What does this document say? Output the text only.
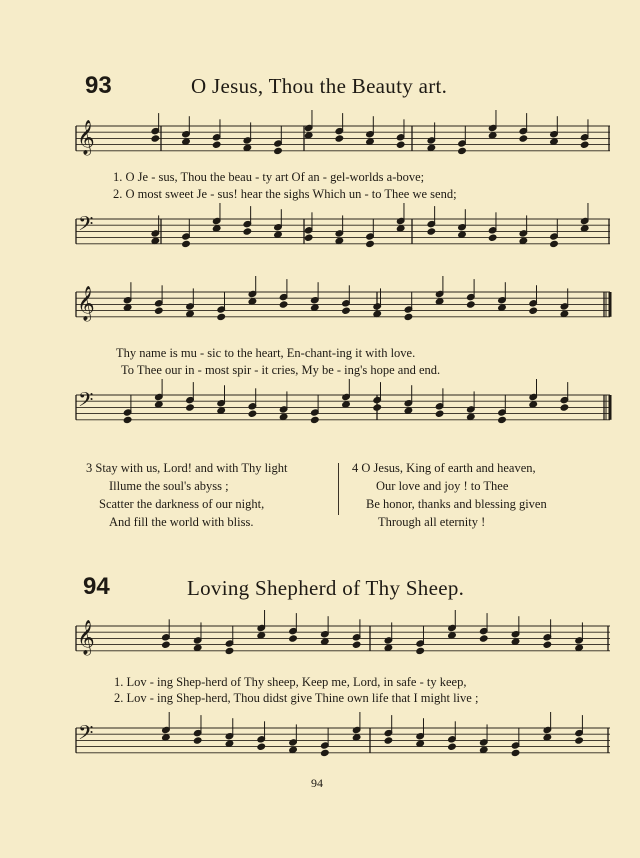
93	O Jesus, Thou the Beauty art.
𝄞
𝄢
𝄞
𝄢
𝄞
𝄢
1. O Je - sus, Thou the beau - ty art Of an - gel-worlds a-bove;
2. O most sweet Je - sus! hear the sighs Which un - to Thee we send;
Thy name is mu - sic to the heart, En-chant-ing it with love.
To Thee our in - most spir - it cries, My be - ing's hope and end.
3 Stay with us, Lord! and with Thy light
Illume the soul's abyss ;
Scatter the darkness of our night,
And fill the world with bliss.
4 O Jesus, King of earth and heaven,
Our love and joy ! to Thee
Be honor, thanks and blessing given
Through all eternity !
94	Loving Shepherd of Thy Sheep.
1. Lov - ing Shep-herd of Thy sheep, Keep me, Lord, in safe - ty keep,
2. Lov - ing Shep-herd, Thou didst give Thine own life that I might live ;
94
